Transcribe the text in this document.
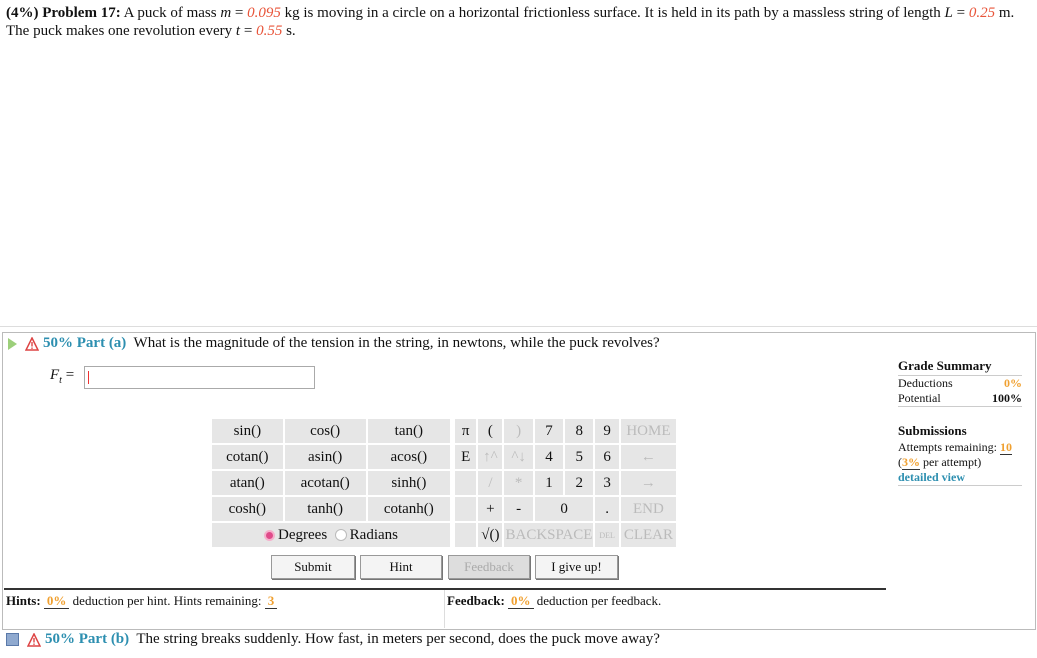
(4%) Problem 17: A puck of mass m = 0.095 kg is moving in a circle on a horizontal frictionless surface. It is held in its path by a massless string of length L = 0.25 m. The puck makes one revolution every t = 0.55 s.
50% Part (a) What is the magnitude of the tension in the string, in newtons, while the puck revolves?
$F_t$ =
Grade Summary
Deductions	0%
Potential	100%
Submissions
Attempts remaining: 10
(3% per attempt)
detailed view
sin()	cos()	tan()
cotan()	asin()	acos()
atan()	acotan()	sinh()
cosh()	tanh()	cotanh()
Degrees Radians		
π	(	)	7	8	9	HOME
E	↑^	^↓	4	5	6	←
	/	*	1	2	3	→
	+	-	0		.	END
	√()	BACKSPACE			DEL	CLEAR
Submit	Hint	Feedback	I give up!
Hints: 0% deduction per hint. Hints remaining: 3	Feedback: 0% deduction per feedback.
50% Part (b) The string breaks suddenly. How fast, in meters per second, does the puck move away?
